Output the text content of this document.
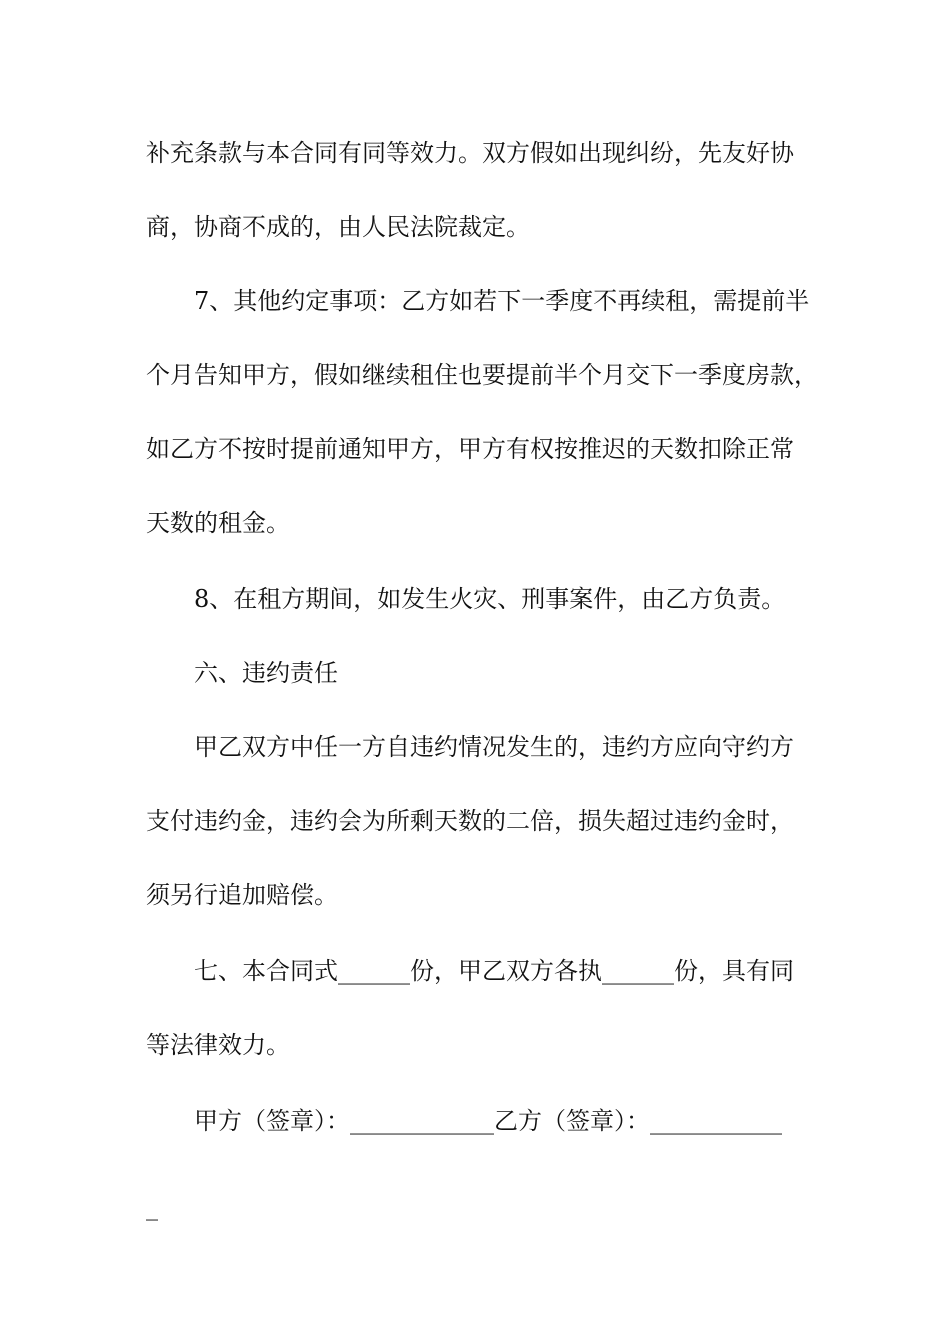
补充条款与本合同有同等效力。双方假如出现纠纷，先友好协
商，协商不成的，由人民法院裁定。
7、其他约定事项：乙方如若下一季度不再续租，需提前半
个月告知甲方，假如继续租住也要提前半个月交下一季度房款，
如乙方不按时提前通知甲方，甲方有权按推迟的天数扣除正常
天数的租金。
8、在租方期间，如发生火灾、刑事案件，由乙方负责。
六、违约责任
甲乙双方中任一方自违约情况发生的，违约方应向守约方
支付违约金，违约会为所剩天数的二倍，损失超过违约金时，
须另行追加赔偿。
七、本合同式______份，甲乙双方各执______份，具有同
等法律效力。
甲方（签章）：____________乙方（签章）：___________
_
